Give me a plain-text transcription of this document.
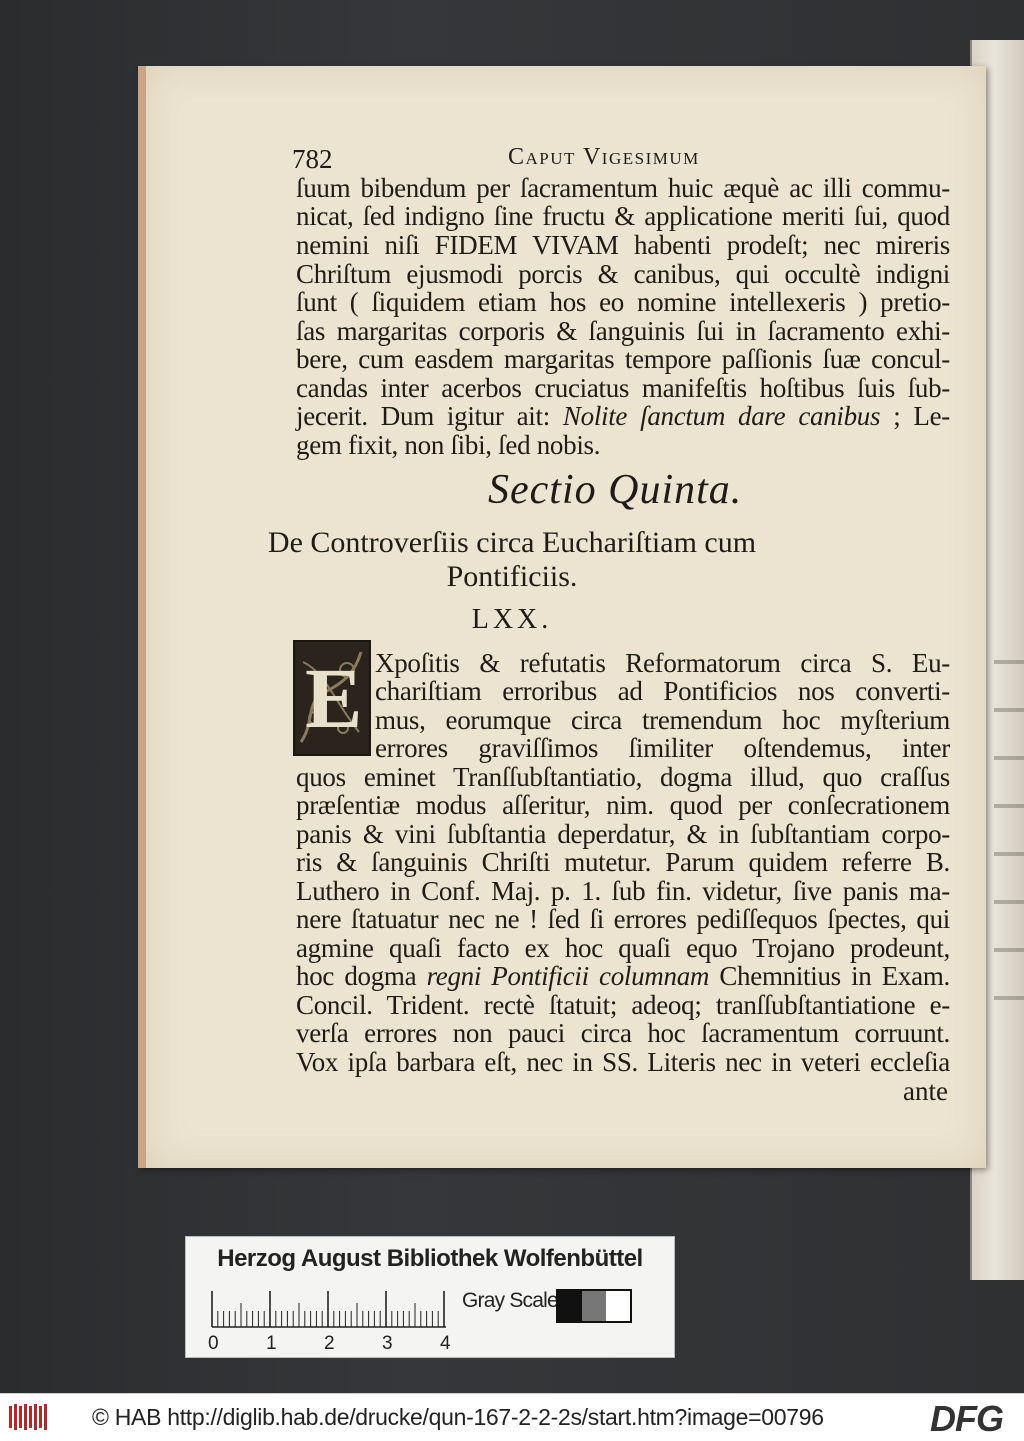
782	Caput Vigesimum
ſuum bibendum per ſacramentum huic æquè ac illi commu-
nicat, ſed indigno ſine fructu & applicatione meriti ſui, quod
nemini niſi FIDEM VIVAM habenti prodeſt; nec mireris
Chriſtum ejusmodi porcis & canibus, qui occultè indigni
ſunt ( ſiquidem etiam hos eo nomine intellexeris ) pretio-
ſas margaritas corporis & ſanguinis ſui in ſacramento exhi-
bere, cum easdem margaritas tempore paſſionis ſuæ concul-
candas inter acerbos cruciatus manifeſtis hoſtibus ſuis ſub-
jecerit. Dum igitur ait: Nolite ſanctum dare canibus ; Le-
gem fixit, non ſibi, ſed nobis.
Sectio Quinta.
De Controverſiis circa Euchariſtiam cum
Pontificiis.
LXX.
E Xpoſitis & refutatis Reformatorum circa S. Eu-
chariſtiam erroribus ad Pontificios nos converti-
mus, eorumque circa tremendum hoc myſterium
errores graviſſimos ſimiliter oſtendemus, inter
quos eminet Tranſſubſtantiatio, dogma illud, quo craſſus
præſentiæ modus aſſeritur, nim. quod per conſecrationem
panis & vini ſubſtantia deperdatur, & in ſubſtantiam corpo-
ris & ſanguinis Chriſti mutetur. Parum quidem referre B.
Luthero in Conf. Maj. p. 1. ſub fin. videtur, ſive panis ma-
nere ſtatuatur nec ne ! ſed ſi errores pediſſequos ſpectes, qui
agmine quaſi facto ex hoc quaſi equo Trojano prodeunt,
hoc dogma regni Pontificii columnam Chemnitius in Exam.
Concil. Trident. rectè ſtatuit; adeoq; tranſſubſtantiatione e-
verſa errores non pauci circa hoc ſacramentum corruunt.
Vox ipſa barbara eſt, nec in SS. Literis nec in veteri eccleſia
ante
Herzog August Bibliothek Wolfenbüttel
0 1 2 3 4
Gray Scale
© HAB http://diglib.hab.de/drucke/qun-167-2-2-2s/start.htm?image=00796	DFG
